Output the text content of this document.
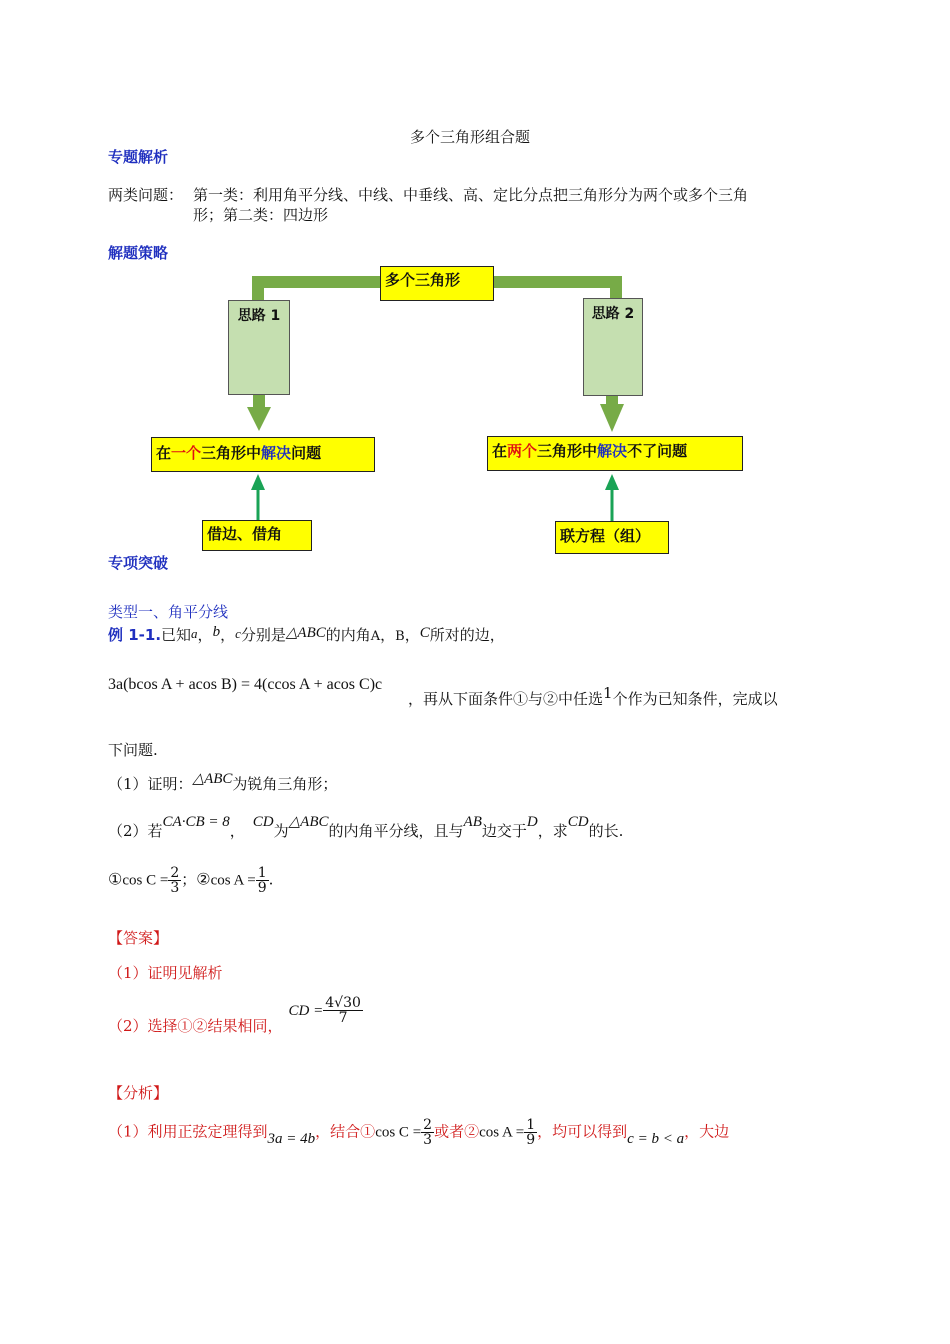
多个三角形组合题
专题解析
两类问题： 第一类：利用角平分线、中线、中垂线、高、定比分点把三角形分为两个或多个三角
形；第二类：四边形
解题策略
多个三角形
思路 1	思路 2
在一个三角形中解决问题	在两个三角形中解决不了问题
借边、借角	联方程（组）
专项突破
类型一、角平分线
例 1-1.已知a，b，c分别是△ABC的内角A，B，C所对的边，
3a(bcos A + acos B) = 4(ccos A + acos C)c
，再从下面条件①与②中任选1个作为已知条件，完成以
下问题.
（1）证明：△ABC为锐角三角形；
（2）若CA·CB = 8， CD为△ABC的内角平分线，且与AB边交于D，求CD的长.
①cos $C = \frac{2}{3}$ ；②cos $A = \frac{1}{9}$ .
【答案】
（1）证明见解析
（2）选择①②结果相同，CD = $\frac{4√30}{7}$
【分析】
（1）利用正弦定理得到3a = 4b，结合①cos $C = \frac{2}{3}$ 或者②cos $A = \frac{1}{9}$ ，均可以得到c = b < a，大边
